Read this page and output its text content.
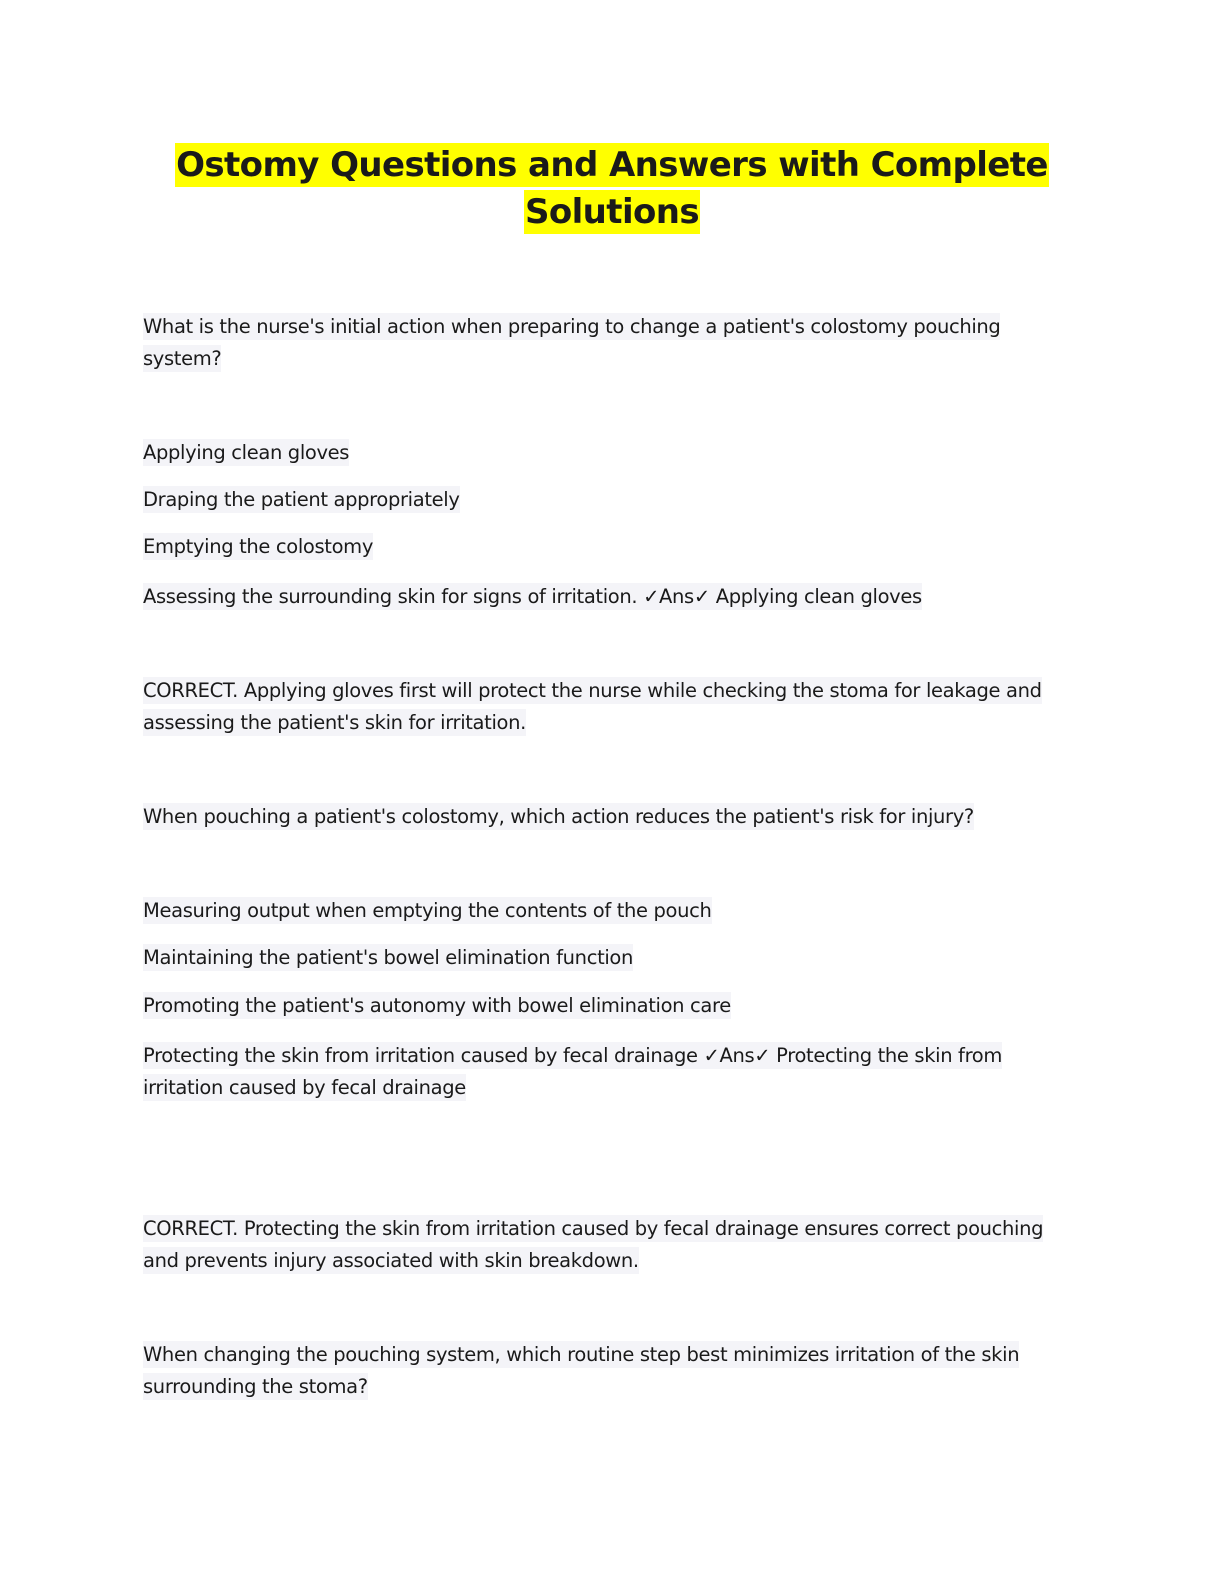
Ostomy Questions and Answers with Complete Solutions

What is the nurse's initial action when preparing to change a patient's colostomy pouching system?

Applying clean gloves

Draping the patient appropriately

Emptying the colostomy

Assessing the surrounding skin for signs of irritation. ✓Ans✓ Applying clean gloves

CORRECT. Applying gloves first will protect the nurse while checking the stoma for leakage and assessing the patient's skin for irritation.

When pouching a patient's colostomy, which action reduces the patient's risk for injury?

Measuring output when emptying the contents of the pouch

Maintaining the patient's bowel elimination function

Promoting the patient's autonomy with bowel elimination care

Protecting the skin from irritation caused by fecal drainage ✓Ans✓ Protecting the skin from irritation caused by fecal drainage

CORRECT. Protecting the skin from irritation caused by fecal drainage ensures correct pouching and prevents injury associated with skin breakdown.

When changing the pouching system, which routine step best minimizes irritation of the skin surrounding the stoma?
